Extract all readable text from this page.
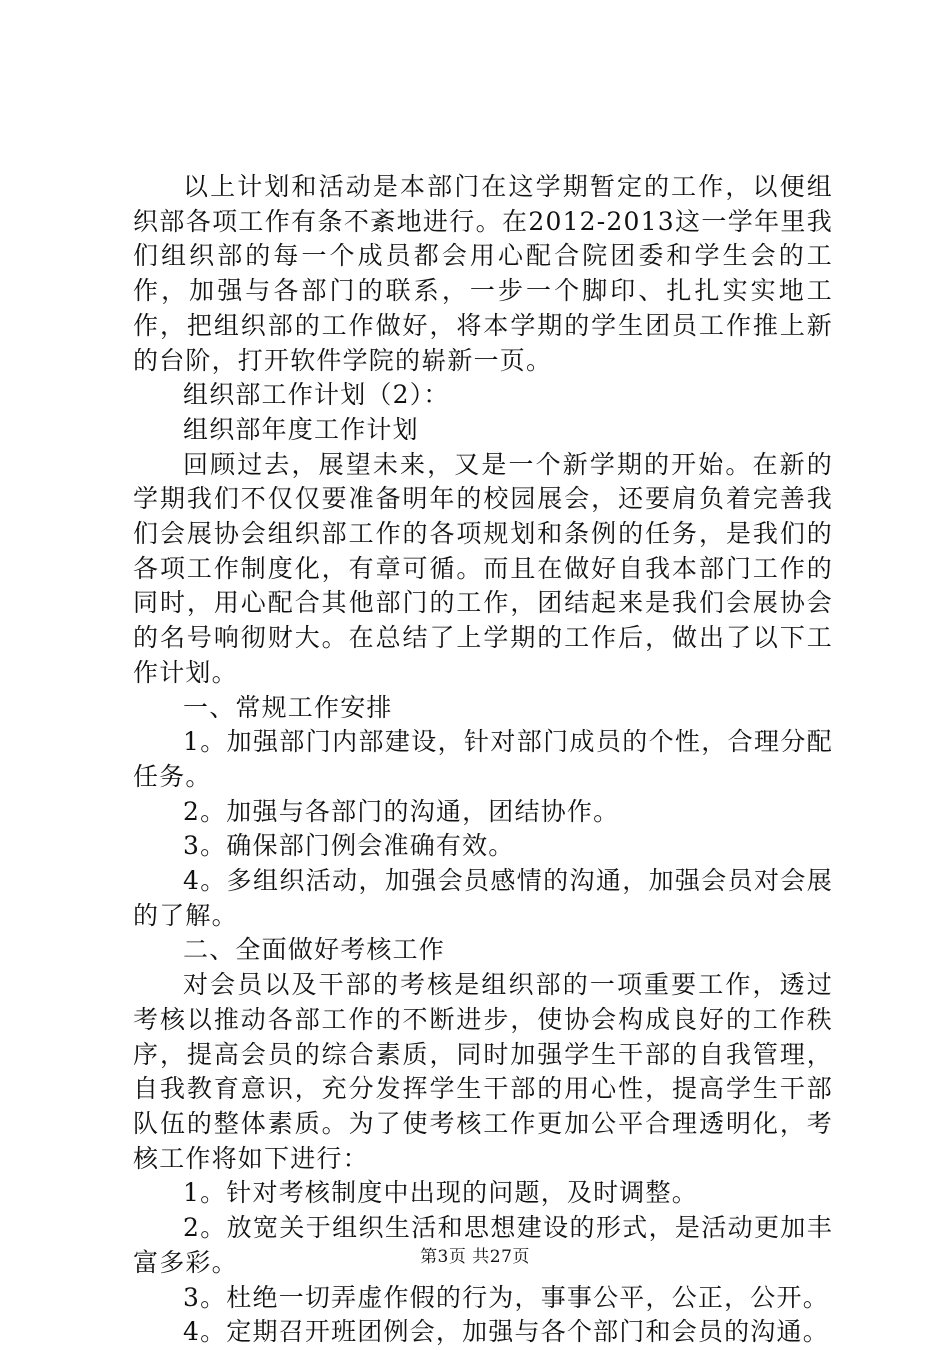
以上计划和活动是本部门在这学期暂定的工作，以便组织部各项工作有条不紊地进行。在2012-2013这一学年里我们组织部的每一个成员都会用心配合院团委和学生会的工作，加强与各部门的联系，一步一个脚印、扎扎实实地工作，把组织部的工作做好，将本学期的学生团员工作推上新的台阶，打开软件学院的崭新一页。

组织部工作计划（2）：

组织部年度工作计划

回顾过去，展望未来，又是一个新学期的开始。在新的学期我们不仅仅要准备明年的校园展会，还要肩负着完善我们会展协会组织部工作的各项规划和条例的任务，是我们的各项工作制度化，有章可循。而且在做好自我本部门工作的同时，用心配合其他部门的工作，团结起来是我们会展协会的名号响彻财大。在总结了上学期的工作后，做出了以下工作计划。

一、常规工作安排

1。加强部门内部建设，针对部门成员的个性，合理分配任务。

2。加强与各部门的沟通，团结协作。

3。确保部门例会准确有效。

4。多组织活动，加强会员感情的沟通，加强会员对会展的了解。

二、全面做好考核工作

对会员以及干部的考核是组织部的一项重要工作，透过考核以推动各部工作的不断进步，使协会构成良好的工作秩序，提高会员的综合素质，同时加强学生干部的自我管理，自我教育意识，充分发挥学生干部的用心性，提高学生干部队伍的整体素质。为了使考核工作更加公平合理透明化，考核工作将如下进行：

1。针对考核制度中出现的问题，及时调整。

2。放宽关于组织生活和思想建设的形式，是活动更加丰富多彩。

3。杜绝一切弄虚作假的行为，事事公平，公正，公开。

4。定期召开班团例会，加强与各个部门和会员的沟通。

第3页 共27页
